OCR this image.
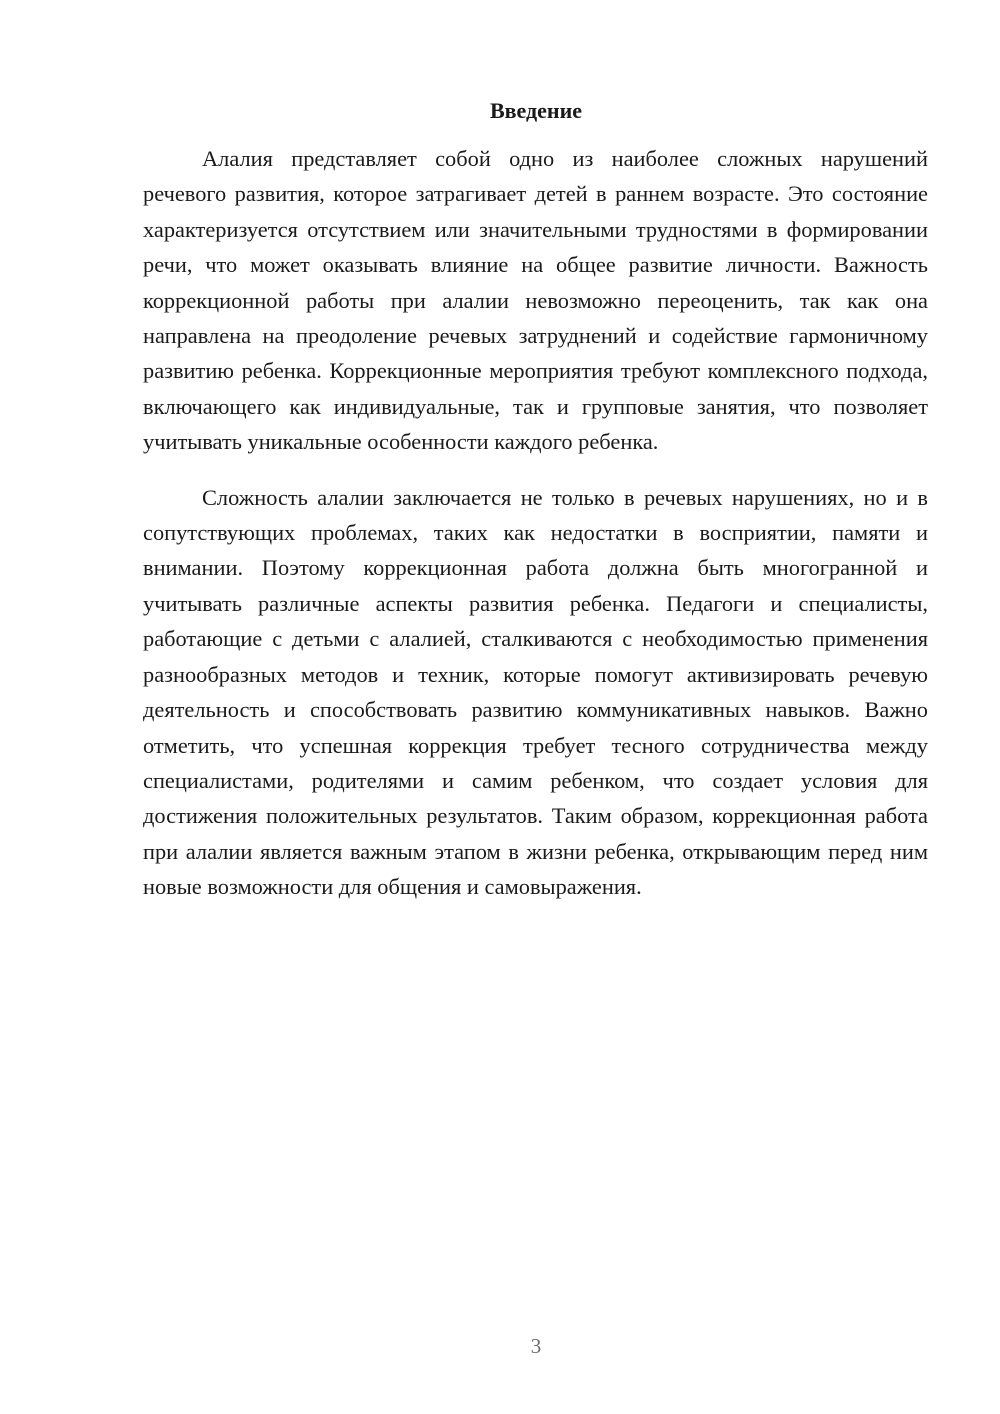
Введение

Алалия представляет собой одно из наиболее сложных нарушений речевого развития, которое затрагивает детей в раннем возрасте. Это состояние характеризуется отсутствием или значительными трудностями в формировании речи, что может оказывать влияние на общее развитие личности. Важность коррекционной работы при алалии невозможно переоценить, так как она направлена на преодоление речевых затруднений и содействие гармоничному развитию ребенка. Коррекционные мероприятия требуют комплексного подхода, включающего как индивидуальные, так и групповые занятия, что позволяет учитывать уникальные особенности каждого ребенка.

Сложность алалии заключается не только в речевых нарушениях, но и в сопутствующих проблемах, таких как недостатки в восприятии, памяти и внимании. Поэтому коррекционная работа должна быть многогранной и учитывать различные аспекты развития ребенка. Педагоги и специалисты, работающие с детьми с алалией, сталкиваются с необходимостью применения разнообразных методов и техник, которые помогут активизировать речевую деятельность и способствовать развитию коммуникативных навыков. Важно отметить, что успешная коррекция требует тесного сотрудничества между специалистами, родителями и самим ребенком, что создает условия для достижения положительных результатов. Таким образом, коррекционная работа при алалии является важным этапом в жизни ребенка, открывающим перед ним новые возможности для общения и самовыражения.

3
